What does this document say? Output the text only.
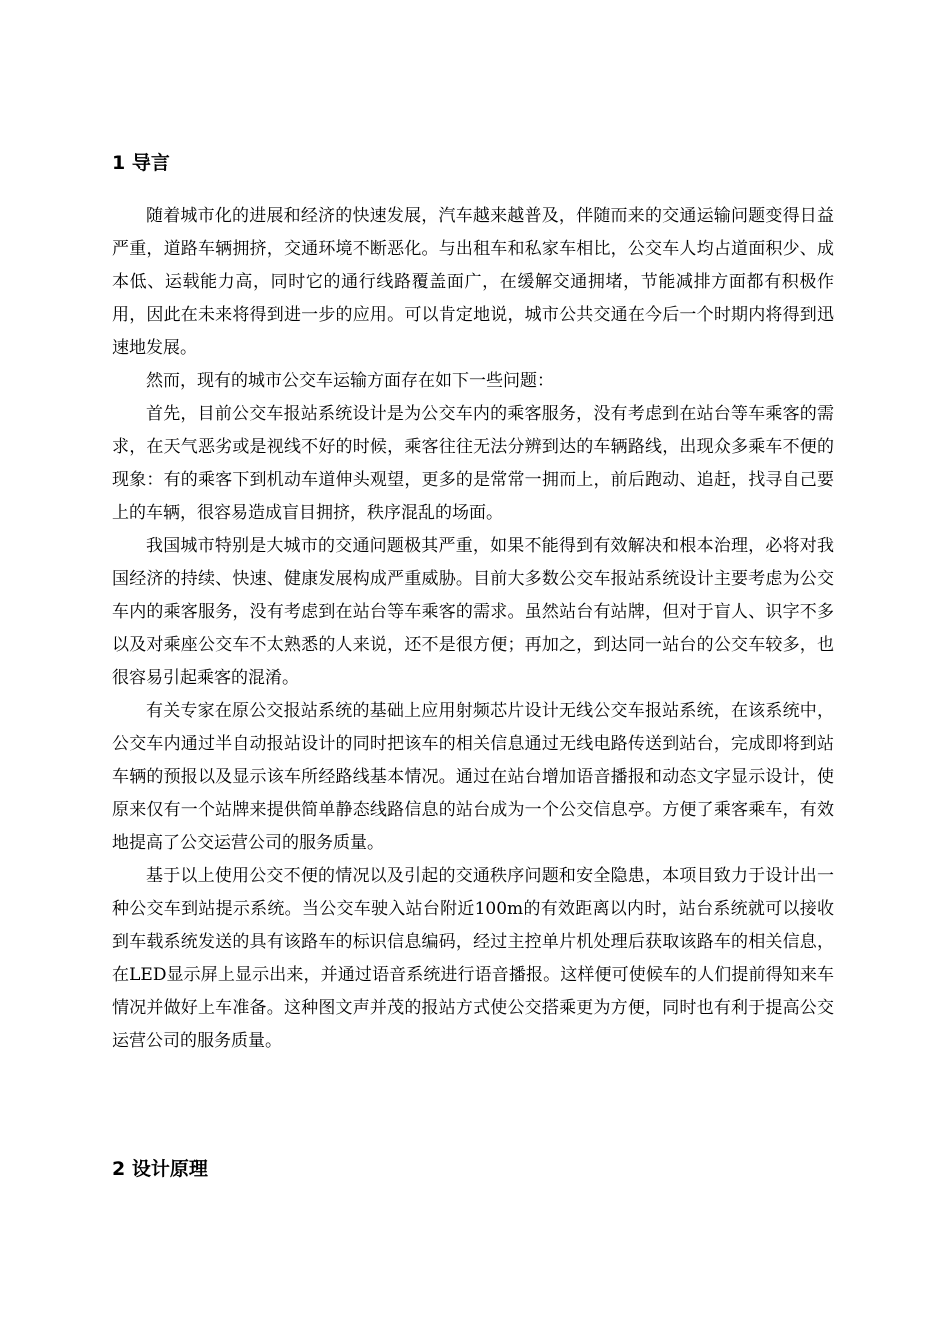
1 导言

随着城市化的进展和经济的快速发展，汽车越来越普及，伴随而来的交通运输问题变得日益严重，道路车辆拥挤，交通环境不断恶化。与出租车和私家车相比，公交车人均占道面积少、成本低、运载能力高，同时它的通行线路覆盖面广，在缓解交通拥堵，节能减排方面都有积极作用，因此在未来将得到进一步的应用。可以肯定地说，城市公共交通在今后一个时期内将得到迅速地发展。

然而，现有的城市公交车运输方面存在如下一些问题：

首先，目前公交车报站系统设计是为公交车内的乘客服务，没有考虑到在站台等车乘客的需求，在天气恶劣或是视线不好的时候，乘客往往无法分辨到达的车辆路线，出现众多乘车不便的现象：有的乘客下到机动车道伸头观望，更多的是常常一拥而上，前后跑动、追赶，找寻自己要上的车辆，很容易造成盲目拥挤，秩序混乱的场面。

我国城市特别是大城市的交通问题极其严重，如果不能得到有效解决和根本治理，必将对我国经济的持续、快速、健康发展构成严重威胁。目前大多数公交车报站系统设计主要考虑为公交车内的乘客服务，没有考虑到在站台等车乘客的需求。虽然站台有站牌，但对于盲人、识字不多以及对乘座公交车不太熟悉的人来说，还不是很方便；再加之，到达同一站台的公交车较多，也很容易引起乘客的混淆。

有关专家在原公交报站系统的基础上应用射频芯片设计无线公交车报站系统，在该系统中，公交车内通过半自动报站设计的同时把该车的相关信息通过无线电路传送到站台，完成即将到站车辆的预报以及显示该车所经路线基本情况。通过在站台增加语音播报和动态文字显示设计，使原来仅有一个站牌来提供简单静态线路信息的站台成为一个公交信息亭。方便了乘客乘车，有效地提高了公交运营公司的服务质量。

基于以上使用公交不便的情况以及引起的交通秩序问题和安全隐患，本项目致力于设计出一种公交车到站提示系统。当公交车驶入站台附近100m的有效距离以内时，站台系统就可以接收到车载系统发送的具有该路车的标识信息编码，经过主控单片机处理后获取该路车的相关信息，在LED显示屏上显示出来，并通过语音系统进行语音播报。这样便可使候车的人们提前得知来车情况并做好上车准备。这种图文声并茂的报站方式使公交搭乘更为方便，同时也有利于提高公交运营公司的服务质量。

2 设计原理
